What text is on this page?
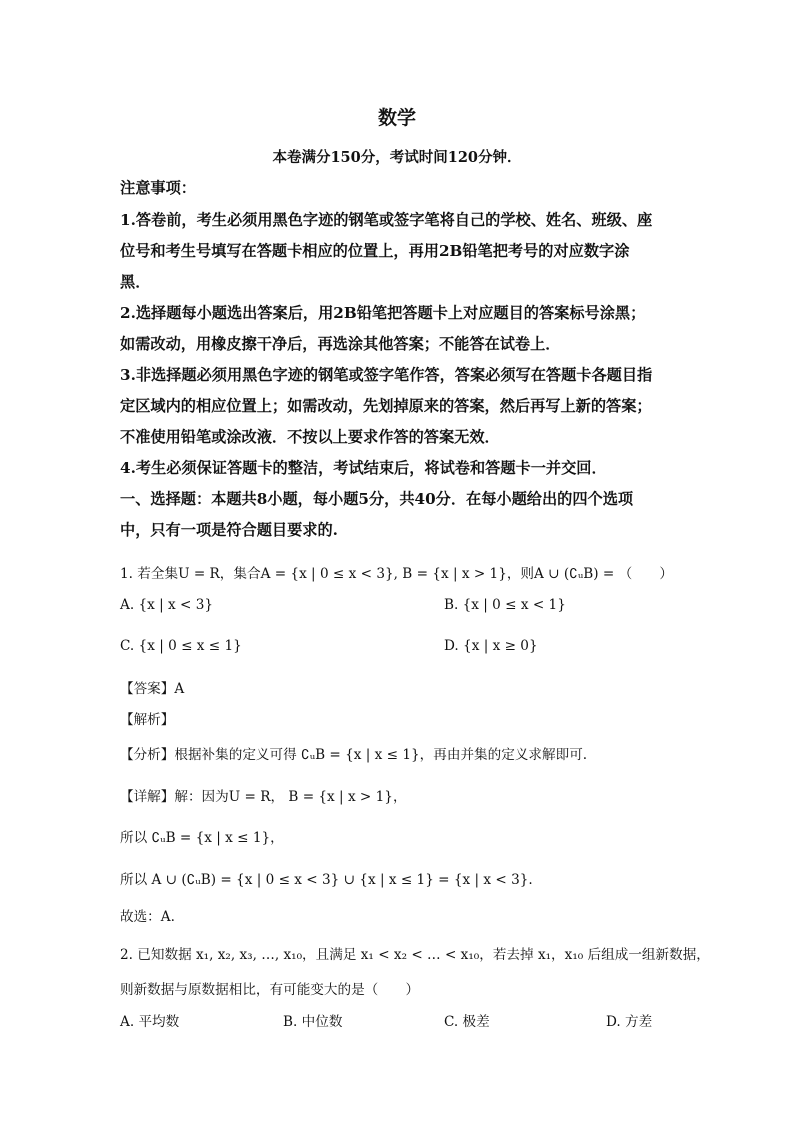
数学
本卷满分150分，考试时间120分钟．
注意事项：
1.答卷前，考生必须用黑色字迹的钢笔或签字笔将自己的学校、姓名、班级、座
位号和考生号填写在答题卡相应的位置上，再用2B铅笔把考号的对应数字涂
黑．
2.选择题每小题选出答案后，用2B铅笔把答题卡上对应题目的答案标号涂黑；
如需改动，用橡皮擦干净后，再选涂其他答案；不能答在试卷上．
3.非选择题必须用黑色字迹的钢笔或签字笔作答，答案必须写在答题卡各题目指
定区域内的相应位置上；如需改动，先划掉原来的答案，然后再写上新的答案；
不准使用铅笔或涂改液．不按以上要求作答的答案无效．
4.考生必须保证答题卡的整洁，考试结束后，将试卷和答题卡一并交回．
一、选择题：本题共8小题，每小题5分，共40分．在每小题给出的四个选项
中，只有一项是符合题目要求的.
1. 若全集U = R，集合A = {x | 0 ≤ x < 3}, B = {x | x > 1}，则A ∪ (∁ᵤB) = （　　）
A. {x | x < 3}	B. {x | 0 ≤ x < 1}
C. {x | 0 ≤ x ≤ 1}	D. {x | x ≥ 0}
【答案】A
【解析】
【分析】根据补集的定义可得 ∁ᵤB = {x | x ≤ 1}，再由并集的定义求解即可.
【详解】解：因为U = R， B = {x | x > 1}，
所以 ∁ᵤB = {x | x ≤ 1}，
所以 A ∪ (∁ᵤB) = {x | 0 ≤ x < 3} ∪ {x | x ≤ 1} = {x | x < 3}.
故选：A.
2. 已知数据 x₁, x₂, x₃, …, x₁₀，且满足 x₁ < x₂ < … < x₁₀，若去掉 x₁，x₁₀ 后组成一组新数据，
则新数据与原数据相比，有可能变大的是（　　）
A. 平均数	B. 中位数	C. 极差	D. 方差
